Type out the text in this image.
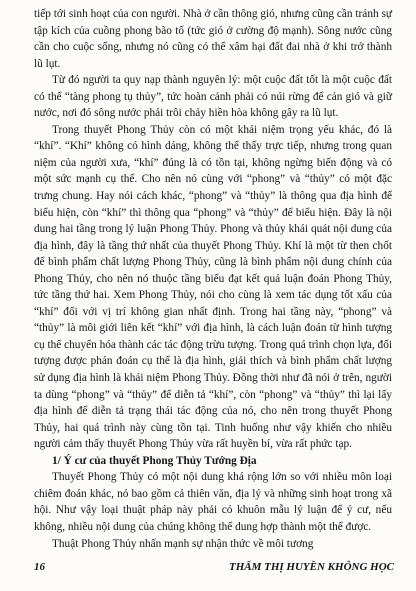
tiếp tới sinh hoạt của con người. Nhà ở cần thông gió, nhưng cũng cần tránh sự tập kích của cuồng phong bão tố (tức gió ở cường độ mạnh). Sông nước cũng cần cho cuộc sống, nhưng nó cũng có thể xâm hại đất đai nhà ở khi trở thành lũ lụt.

Từ đó người ta quy nạp thành nguyên lý: một cuộc đất tốt là một cuộc đất có thể “tàng phong tụ thủy”, tức hoàn cảnh phải có núi rừng để cản gió và giữ nước, nơi đó sông nước phải trôi chảy hiền hòa không gây ra lũ lụt.

Trong thuyết Phong Thủy còn có một khái niệm trọng yếu khác, đó là “khí”. “Khí” không có hình dáng, không thể thấy trực tiếp, nhưng trong quan niệm của người xưa, “khí” đúng là có tồn tại, không ngừng biến động và có một sức mạnh cụ thể. Cho nên nó cùng với “phong” và “thủy” có một đặc trưng chung. Hay nói cách khác, “phong” và “thủy” là thông qua địa hình để biểu hiện, còn “khí” thì thông qua “phong” và “thủy” để biểu hiện. Đây là nội dung hai tầng trong lý luận Phong Thủy. Phong và thủy khái quát nội dung của địa hình, đây là tầng thứ nhất của thuyết Phong Thủy. Khí là một từ then chốt để bình phẩm chất lượng Phong Thủy, cũng là bình phẩm nội dung chính của Phong Thủy, cho nên nó thuộc tầng biểu đạt kết quả luận đoán Phong Thủy, tức tầng thứ hai. Xem Phong Thủy, nói cho cùng là xem tác dụng tốt xấu của “khí” đối với vị trí không gian nhất định. Trong hai tầng này, “phong” và “thủy” là môi giới liên kết “khí” với địa hình, là cách luận đoán từ hình tượng cụ thể chuyển hóa thành các tác động trừu tượng. Trong quá trình chọn lựa, đối tượng được phán đoán cụ thể là địa hình, giải thích và bình phẩm chất lượng sử dụng địa hình là khái niệm Phong Thủy. Đồng thời như đã nói ở trên, người ta dùng “phong” và “thủy” để diễn tả “khí”, còn “phong” và “thủy” thì lại lấy địa hình để diễn tả trạng thái tác động của nó, cho nên trong thuyết Phong Thủy, hai quá trình này cùng tồn tại. Tinh huống như vậy khiến cho nhiều người cảm thấy thuyết Phong Thủy vừa rất huyền bí, vừa rất phức tạp.

1/ Ý cư của thuyết Phong Thủy Tướng Địa

Thuyết Phong Thủy có một nội dung khá rộng lớn so với nhiều môn loại chiêm đoán khác, nó bao gồm cả thiên văn, địa lý và những sinh hoạt trong xã hội. Như vậy loại thuật pháp này phải có khuôn mẫu lý luận để ý cư, nếu không, nhiều nội dung của chúng không thể dung hợp thành một thể được.

Thuật Phong Thủy nhấn mạnh sự nhận thức về môi tương

16	THẨM THỊ HUYỀN KHÔNG HỌC
